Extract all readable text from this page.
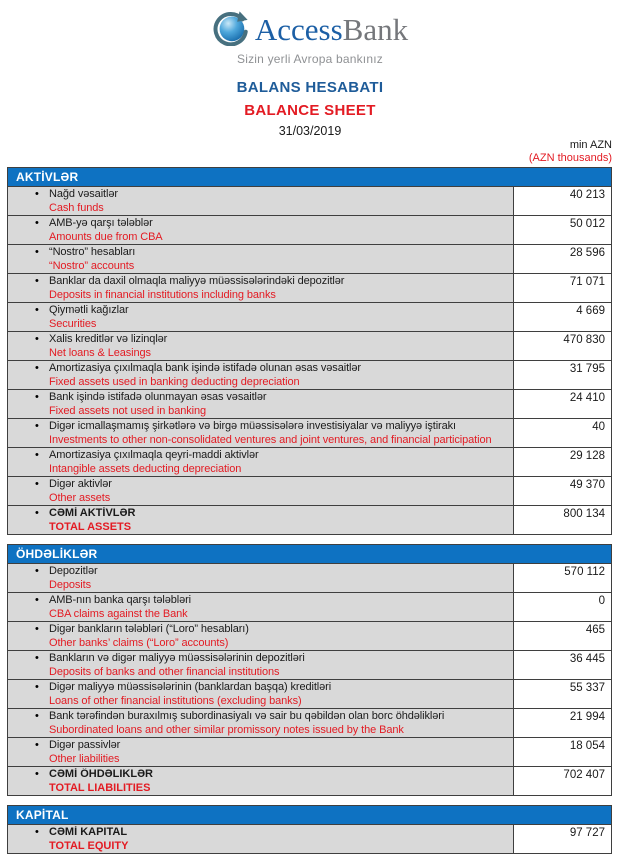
AccessBank
Sizin yerli Avropa bankınız
BALANS HESABATI
BALANCE SHEET
31/03/2019
min AZN
(AZN thousands)
AKTİVLƏR
• Nağd vəsaitlər
Cash funds
40 213
• AMB-yə qarşı tələblər
Amounts due from CBA
50 012
• “Nostro” hesabları
“Nostro” accounts
28 596
• Banklar da daxil olmaqla maliyyə müəssisələrindəki depozitlər
Deposits in financial institutions including banks
71 071
• Qiymətli kağızlar
Securities
4 669
• Xalis kreditlər və lizinqlər
Net loans & Leasings
470 830
• Amortizasiya çıxılmaqla bank işində istifadə olunan əsas vəsaitlər
Fixed assets used in banking deducting depreciation
31 795
• Bank işində istifadə olunmayan əsas vəsaitlər
Fixed assets not used in banking
24 410
• Digər icmallaşmamış şirkətlərə və birgə müəssisələrə investisiyalar və maliyyə iştirakı
Investments to other non-consolidated ventures and joint ventures, and financial participation
40
• Amortizasiya çıxılmaqla qeyri-maddi aktivlər
Intangible assets deducting depreciation
29 128
• Digər aktivlər
Other assets
49 370
• CƏMİ AKTİVLƏR
TOTAL ASSETS
800 134
ÖHDƏLİKLƏR
• Depozitlər
Deposits
570 112
• AMB-nın banka qarşı tələbləri
CBA claims against the Bank
0
• Digər bankların tələbləri (“Loro” hesabları)
Other banks’ claims (“Loro” accounts)
465
• Bankların və digər maliyyə müəssisələrinin depozitləri
Deposits of banks and other financial institutions
36 445
• Digər maliyyə müəssisələrinin (banklardan başqa) kreditləri
Loans of other financial institutions (excluding banks)
55 337
• Bank tərəfindən buraxılmış subordinasiyalı və sair bu qəbildən olan borc öhdəlikləri
Subordinated loans and other similar promissory notes issued by the Bank
21 994
• Digər passivlər
Other liabilities
18 054
• CƏMİ ÖHDƏLIKLƏR
TOTAL LIABILITIES
702 407
KAPİTAL
• CƏMİ KAPITAL
TOTAL EQUITY
97 727
